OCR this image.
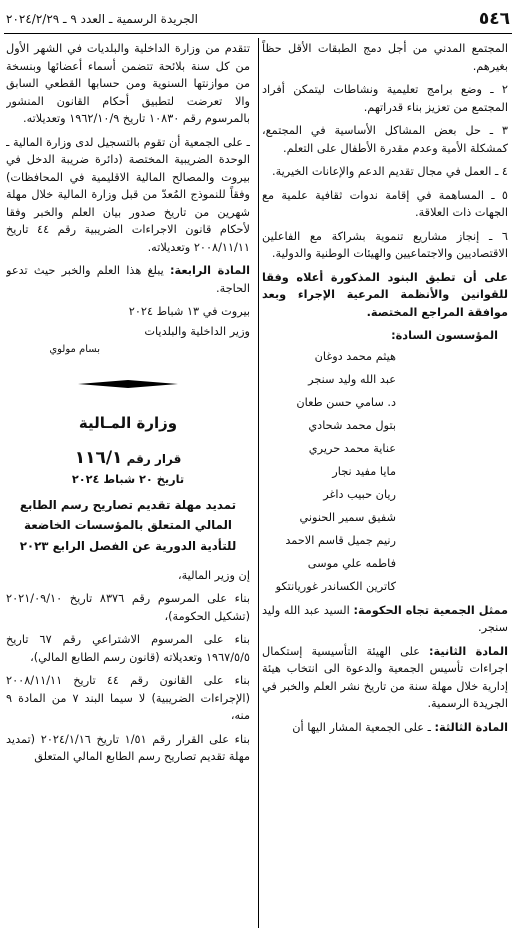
٥٤٦
الجريدة الرسمية ـ العدد ٩ ـ ٢٠٢٤/٢/٢٩

المجتمع المدني من أجل دمج الطبقات الأقل حظاً بغيرهم.

٢ ـ وضع برامج تعليمية ونشاطات ليتمكن أفراد المجتمع من تعزيز بناء قدراتهم.

٣ ـ حل بعض المشاكل الأساسية في المجتمع، كمشكلة الأمية وعدم مقدرة الأطفال على التعلم.

٤ ـ العمل في مجال تقديم الدعم والإعانات الخيرية.

٥ ـ المساهمة في إقامة ندوات ثقافية علمية مع الجهات ذات العلاقة.

٦ ـ إنجاز مشاريع تنموية بشراكة مع الفاعلين الاقتصاديين والاجتماعيين والهيئات الوطنية والدولية.

على أن تطبق البنود المذكورة أعلاه وفقا للقوانين والأنظمة المرعية الإجراء وبعد موافقة المراجع المختصة.

المؤسسون السادة:

هيثم محمد دوغان
عبد الله وليد سنجر
د. سامي حسن طعان
بتول محمد شحادي
عناية محمد حريري
مايا مفيد نجار
ريان حبيب داغر
شفيق سمير الحنوني
رنيم جميل قاسم الاحمد
فاطمه علي موسى
كاترين الكساندر غوريانتكو

ممثل الجمعية تجاه الحكومة: السيد عبد الله وليد سنجر.

المادة الثانية: على الهيئة التأسيسية إستكمال اجراءات تأسيس الجمعية والدعوة الى انتخاب هيئة إدارية خلال مهلة سنة من تاريخ نشر العلم والخبر في الجريدة الرسمية.

المادة الثالثة: ـ على الجمعية المشار اليها أن

تتقدم من وزارة الداخلية والبلديات في الشهر الأول من كل سنة بلائحة تتضمن أسماء أعضائها وبنسخة من موازنتها السنوية ومن حسابها القطعي السابق والا تعرضت لتطبيق أحكام القانون المنشور بالمرسوم رقم ١٠٨٣٠ تاريخ ١٩٦٢/١٠/٩ وتعديلاته.

ـ على الجمعية أن تقوم بالتسجيل لدى وزارة المالية ـ الوحدة الضريبية المختصة (دائرة ضريبة الدخل في بيروت والمصالح المالية الاقليمية في المحافظات) وفقاً للنموذج المُعدّ من قبل وزارة المالية خلال مهلة شهرين من تاريخ صدور بيان العلم والخبر وفقا لأحكام قانون الاجراءات الضريبية رقم ٤٤ تاريخ ٢٠٠٨/١١/١١ وتعديلاته.

المادة الرابعة: يبلغ هذا العلم والخبر حيث تدعو الحاجة.

بيروت في ١٣ شباط ٢٠٢٤
وزير الداخلية والبلديات
بسام مولوي
وزارة المـالية

قرار رقم ١١٦/١

تاريخ ٢٠ شباط ٢٠٢٤

تمديد مهلة تقديم تصاريح رسم الطابع المالي المتعلق بالمؤسسات الخاضعة للتأدية الدورية عن الفصل الرابع ٢٠٢٣

إن وزير المالية،

بناء على المرسوم رقم ٨٣٧٦ تاريخ ٢٠٢١/٠٩/١٠ (تشكيل الحكومة)،

بناء على المرسوم الاشتراعي رقم ٦٧ تاريخ ١٩٦٧/٥/٥ وتعديلاته (قانون رسم الطابع المالي)،

بناء على القانون رقم ٤٤ تاريخ ٢٠٠٨/١١/١١ (الإجراءات الضريبية) لا سيما البند ٧ من المادة ٩ منه،

بناء على القرار رقم ١/٥١ تاريخ ٢٠٢٤/١/١٦ (تمديد مهلة تقديم تصاريح رسم الطابع المالي المتعلق
